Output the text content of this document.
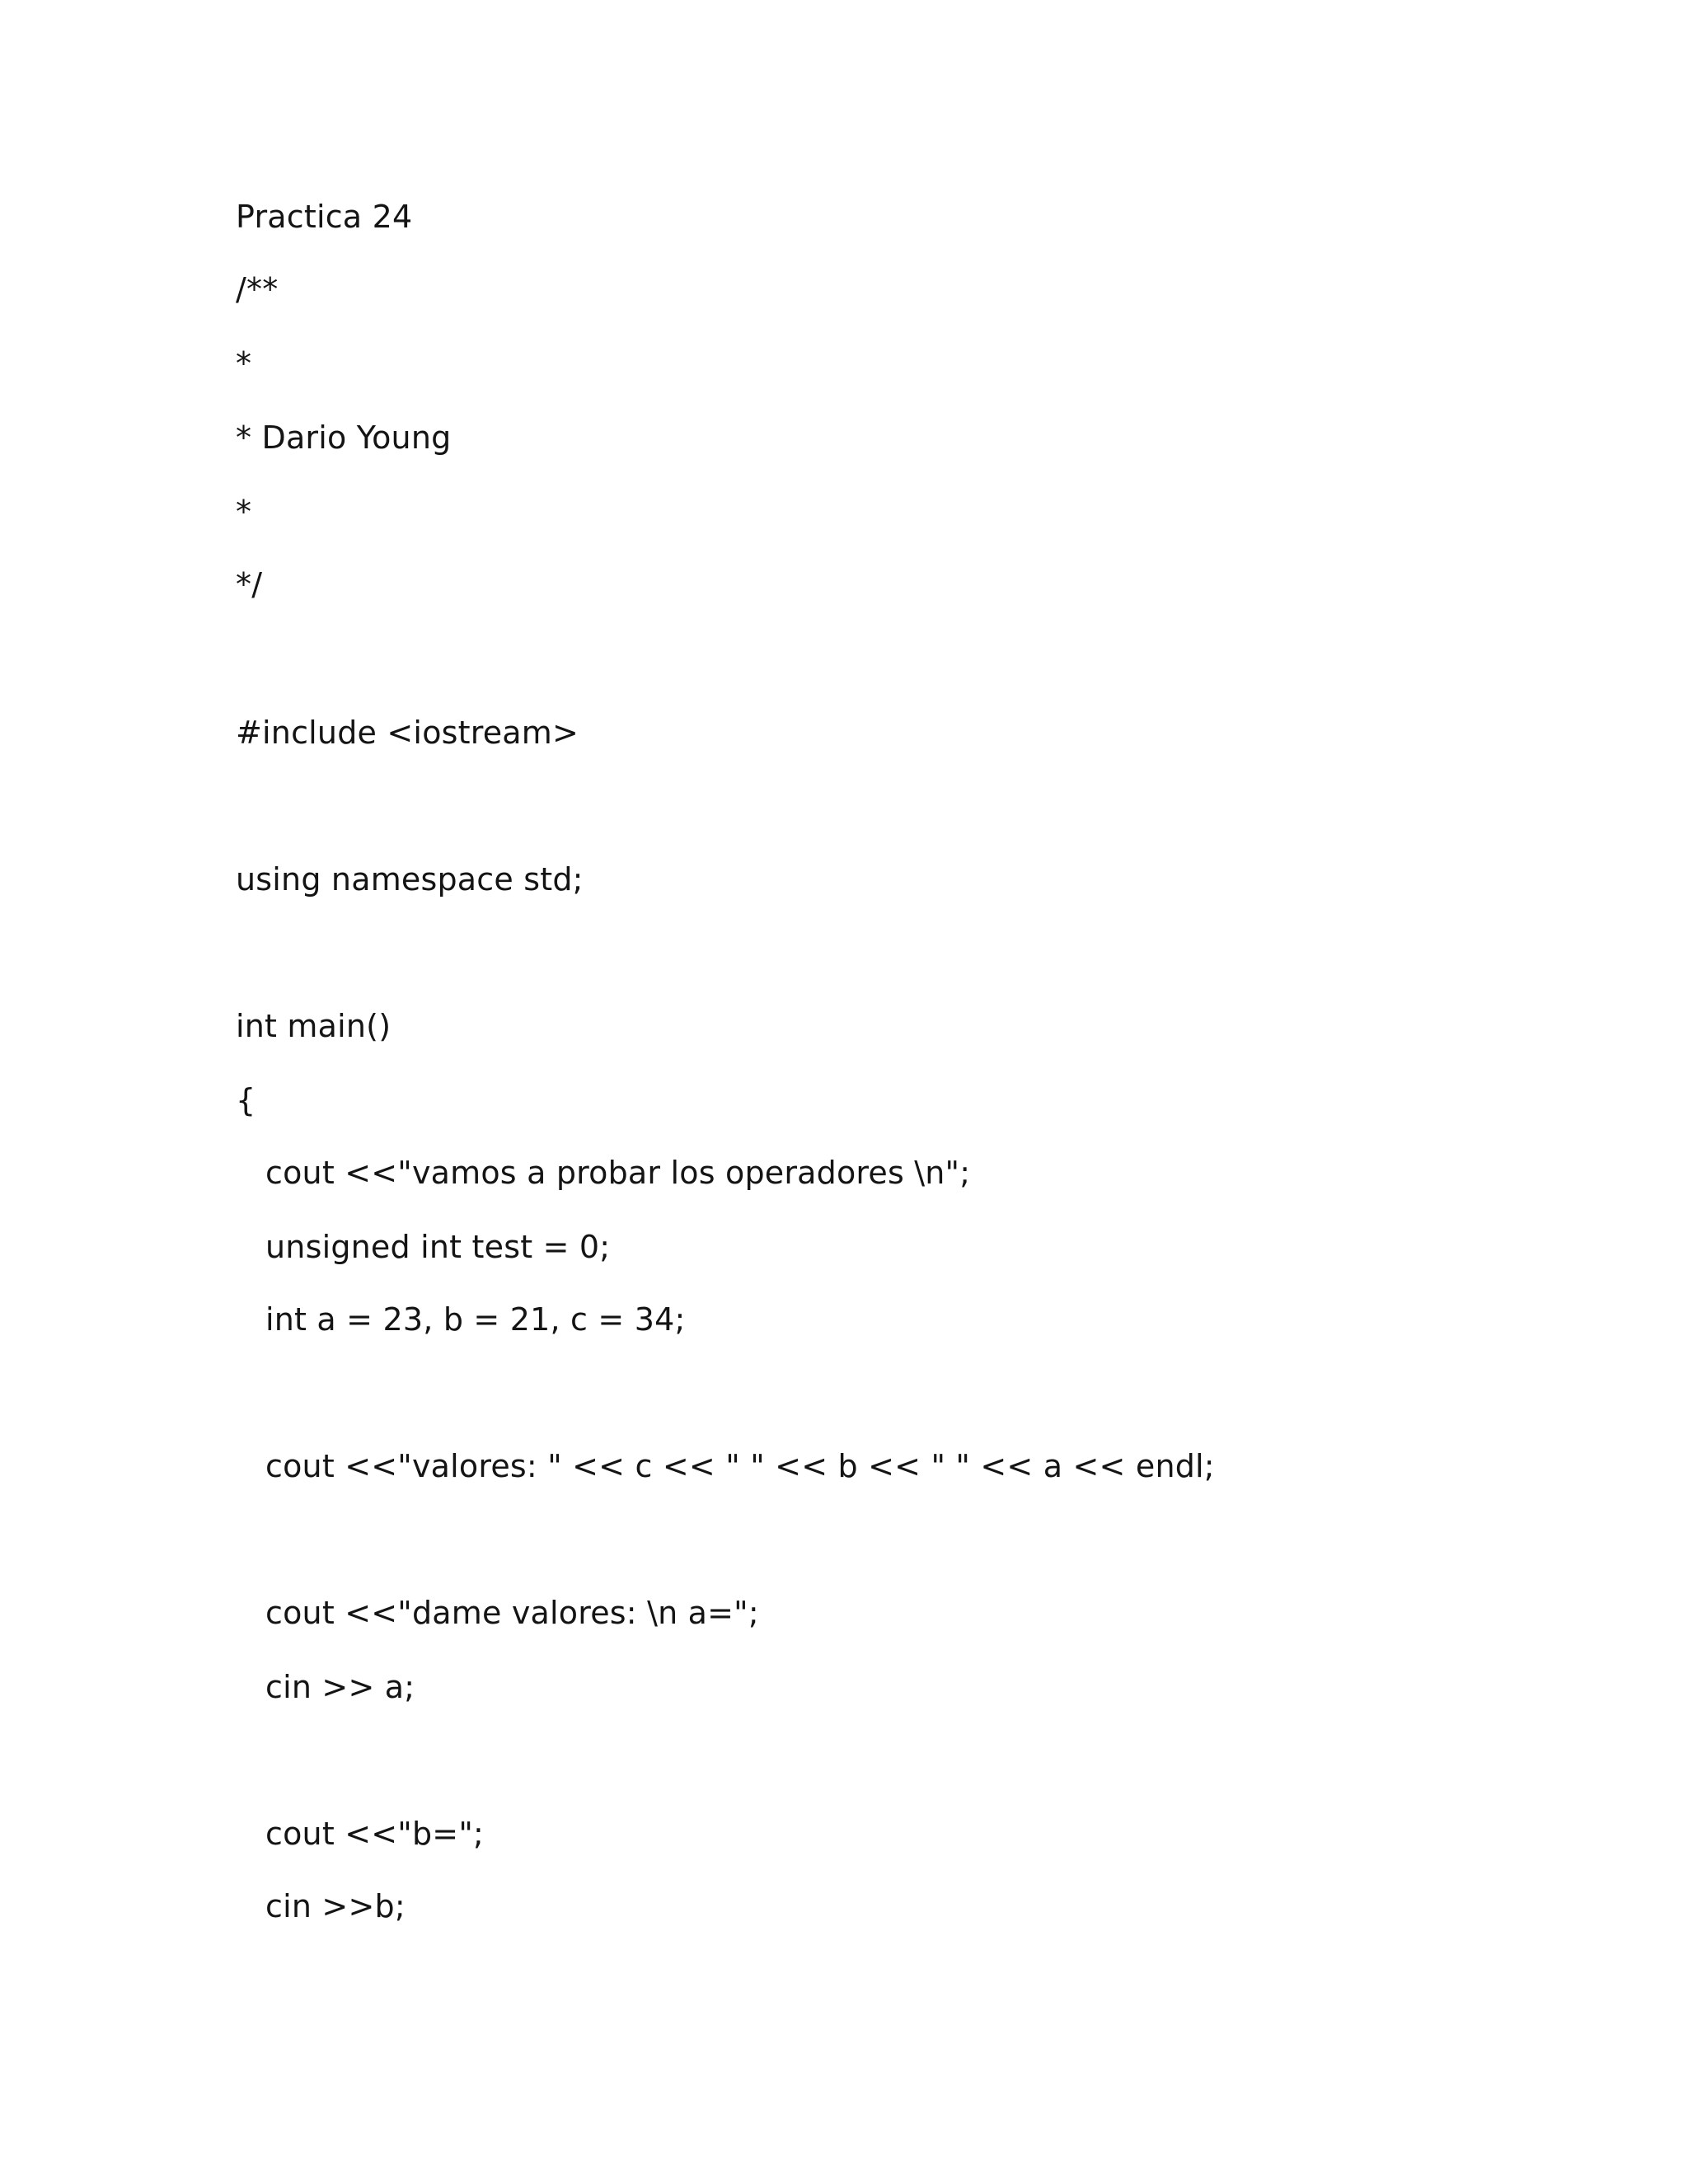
Practica 24
/**
*
* Dario Young
*
*/
#include <iostream>
using namespace std;
int main()
{
cout <<"vamos a probar los operadores \n";
unsigned int test = 0;
int a = 23, b = 21, c = 34;
cout <<"valores: " << c << " " << b << " " << a << endl;
cout <<"dame valores: \n a=";
cin >> a;
cout <<"b=";
cin >>b;
